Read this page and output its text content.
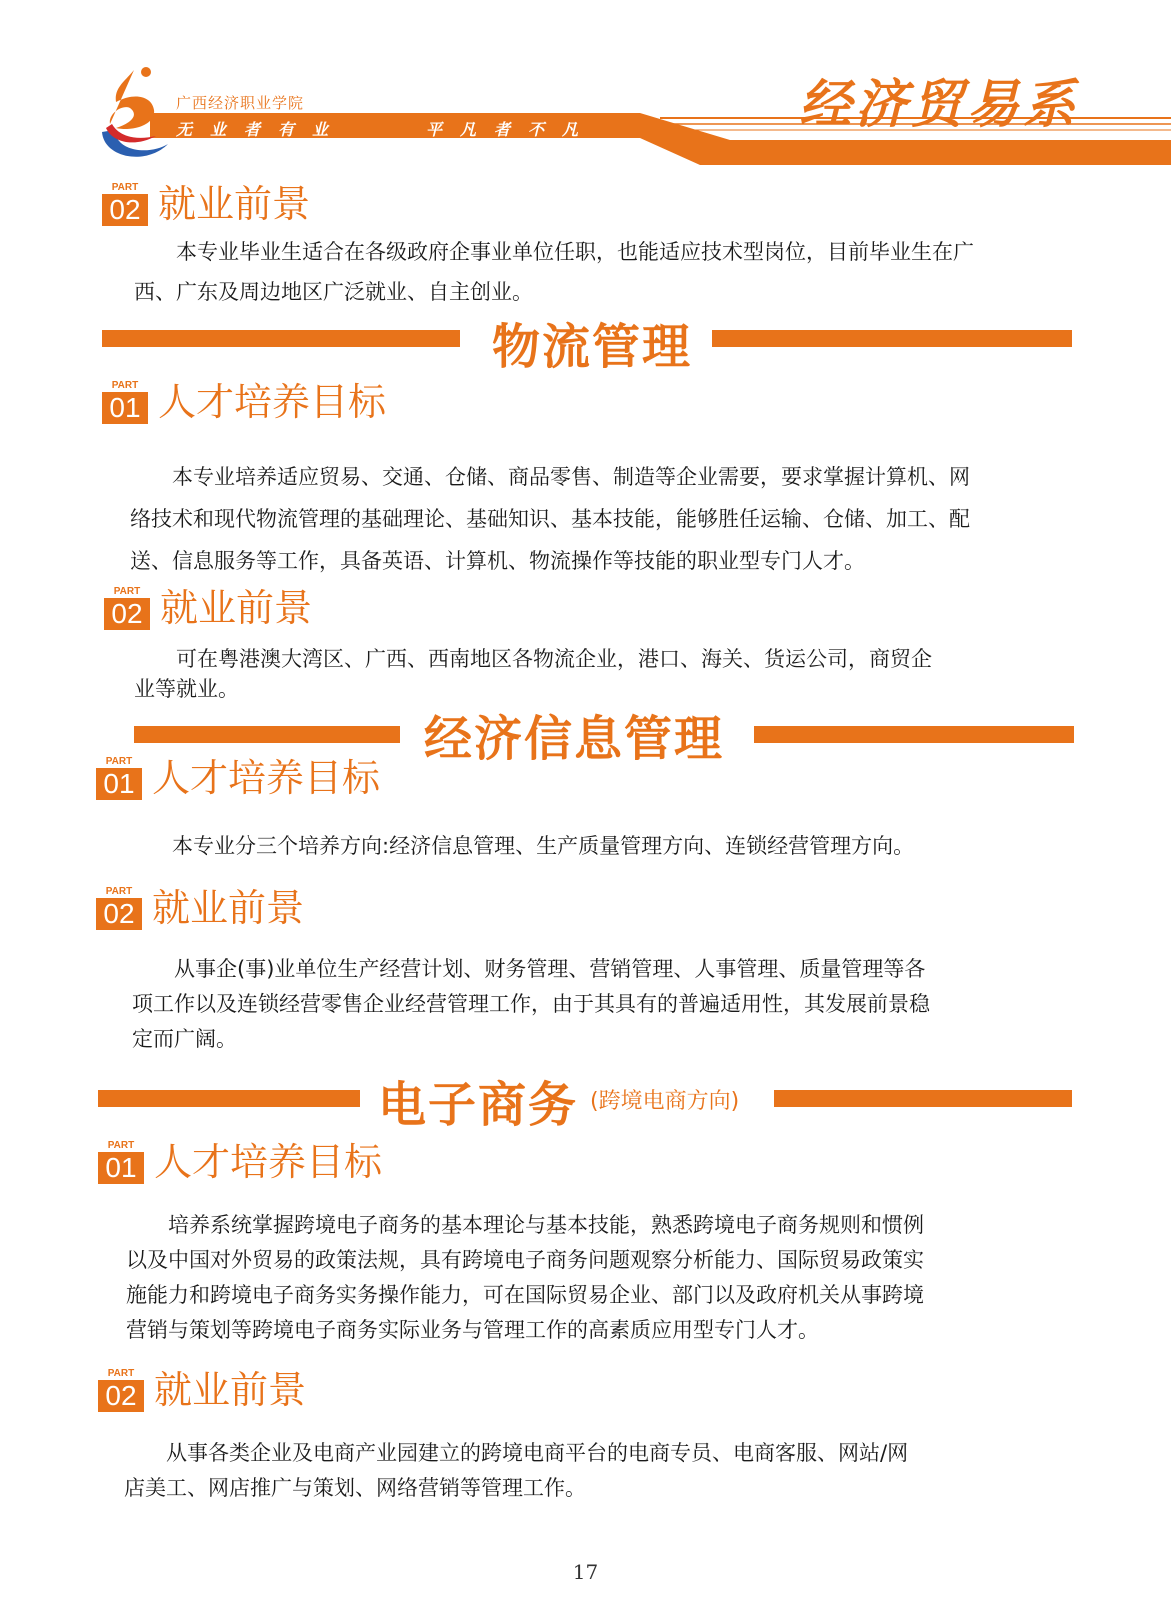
广西经济职业学院
无业者有业	平凡者不凡	经济贸易系
PART
02 就业前景
本专业毕业生适合在各级政府企事业单位任职，也能适应技术型岗位，目前毕业生在广
西、广东及周边地区广泛就业、自主创业。
物流管理
PART
01 人才培养目标
本专业培养适应贸易、交通、仓储、商品零售、制造等企业需要，要求掌握计算机、网
络技术和现代物流管理的基础理论、基础知识、基本技能，能够胜任运输、仓储、加工、配
送、信息服务等工作，具备英语、计算机、物流操作等技能的职业型专门人才。
PART
02 就业前景
可在粤港澳大湾区、广西、西南地区各物流企业，港口、海关、货运公司，商贸企
业等就业。
经济信息管理
PART
01 人才培养目标
本专业分三个培养方向:经济信息管理、生产质量管理方向、连锁经营管理方向。
PART
02 就业前景
从事企(事)业单位生产经营计划、财务管理、营销管理、人事管理、质量管理等各
项工作以及连锁经营零售企业经营管理工作，由于其具有的普遍适用性，其发展前景稳
定而广阔。
电子商务 (跨境电商方向)
PART
01 人才培养目标
培养系统掌握跨境电子商务的基本理论与基本技能，熟悉跨境电子商务规则和惯例
以及中国对外贸易的政策法规，具有跨境电子商务问题观察分析能力、国际贸易政策实
施能力和跨境电子商务实务操作能力，可在国际贸易企业、部门以及政府机关从事跨境
营销与策划等跨境电子商务实际业务与管理工作的高素质应用型专门人才。
PART
02 就业前景
从事各类企业及电商产业园建立的跨境电商平台的电商专员、电商客服、网站/网
店美工、网店推广与策划、网络营销等管理工作。
17
